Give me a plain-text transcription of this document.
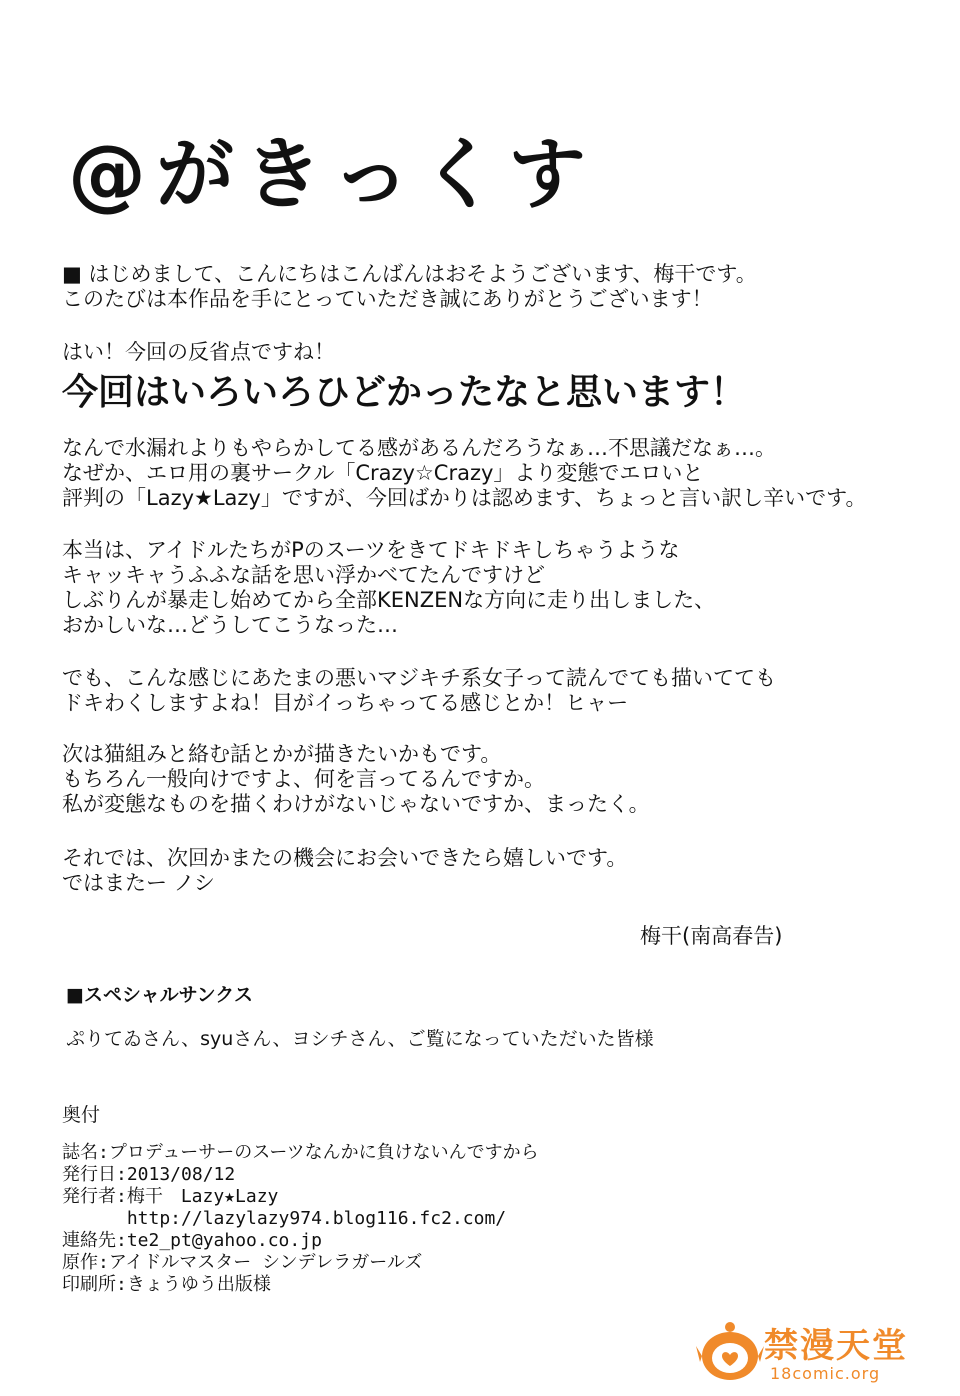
@がきっくす
■ はじめまして、こんにちはこんばんはおそようございます、梅干です。
このたびは本作品を手にとっていただき誠にありがとうございます！
はい！今回の反省点ですね！
今回はいろいろひどかったなと思います！
なんで水漏れよりもやらかしてる感があるんだろうなぁ…不思議だなぁ…。
なぜか、エロ用の裏サークル「Crazy☆Crazy」より変態でエロいと
評判の「Lazy★Lazy」ですが、今回ばかりは認めます、ちょっと言い訳し辛いです。
本当は、アイドルたちがPのスーツをきてドキドキしちゃうような
キャッキャうふふな話を思い浮かべてたんですけど
しぶりんが暴走し始めてから全部KENZENな方向に走り出しました、
おかしいな…どうしてこうなった…
でも、こんな感じにあたまの悪いマジキチ系女子って読んでても描いてても
ドキわくしますよね！目がイっちゃってる感じとか！ヒャー
次は猫組みと絡む話とかが描きたいかもです。
もちろん一般向けですよ、何を言ってるんですか。
私が変態なものを描くわけがないじゃないですか、まったく。
それでは、次回かまたの機会にお会いできたら嬉しいです。
ではまたー ノシ
梅干(南高春告)
■スペシャルサンクス
ぷりてゐさん、syuさん、ヨシチさん、ご覧になっていただいた皆様
奥付
誌名:プロデューサーのスーツなんかに負けないんですから
発行日:2013/08/12
発行者:梅干　Lazy★Lazy
　　　 http://lazylazy974.blog116.fc2.com/
連絡先:te2_pt@yahoo.co.jp
原作:アイドルマスター シンデレラガールズ
印刷所:きょうゆう出版様
禁漫天堂
18comic.org
